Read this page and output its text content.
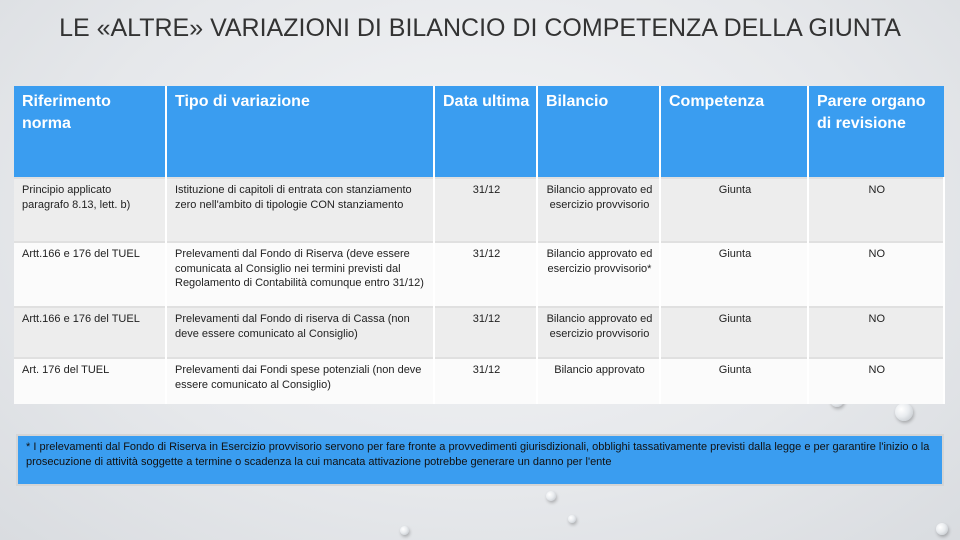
LE «ALTRE» VARIAZIONI DI BILANCIO DI COMPETENZA DELLA GIUNTA
Riferimento norma	Tipo di variazione	Data ultima	Bilancio	Competenza	Parere organo di revisione
Principio applicato paragrafo 8.13, lett. b)	Istituzione di capitoli di entrata con stanziamento zero nell'ambito di tipologie CON stanziamento	31/12	Bilancio approvato ed esercizio provvisorio	Giunta	NO
Artt.166 e 176 del TUEL	Prelevamenti dal Fondo di Riserva (deve essere comunicata al Consiglio nei termini previsti dal Regolamento di Contabilità comunque entro 31/12)	31/12	Bilancio approvato ed esercizio provvisorio*	Giunta	NO
Artt.166 e 176 del TUEL	Prelevamenti dal Fondo di riserva di Cassa (non deve essere comunicato al Consiglio)	31/12	Bilancio approvato ed esercizio provvisorio	Giunta	NO
Art. 176 del TUEL	Prelevamenti dai Fondi spese potenziali (non deve essere comunicato al Consiglio)	31/12	Bilancio approvato	Giunta	NO
* I prelevamenti dal Fondo di Riserva in Esercizio provvisorio servono per fare fronte a provvedimenti giurisdizionali, obblighi tassativamente previsti dalla legge e per garantire l'inizio o la prosecuzione di attività soggette a termine o scadenza la cui mancata attivazione potrebbe generare un danno per l'ente
